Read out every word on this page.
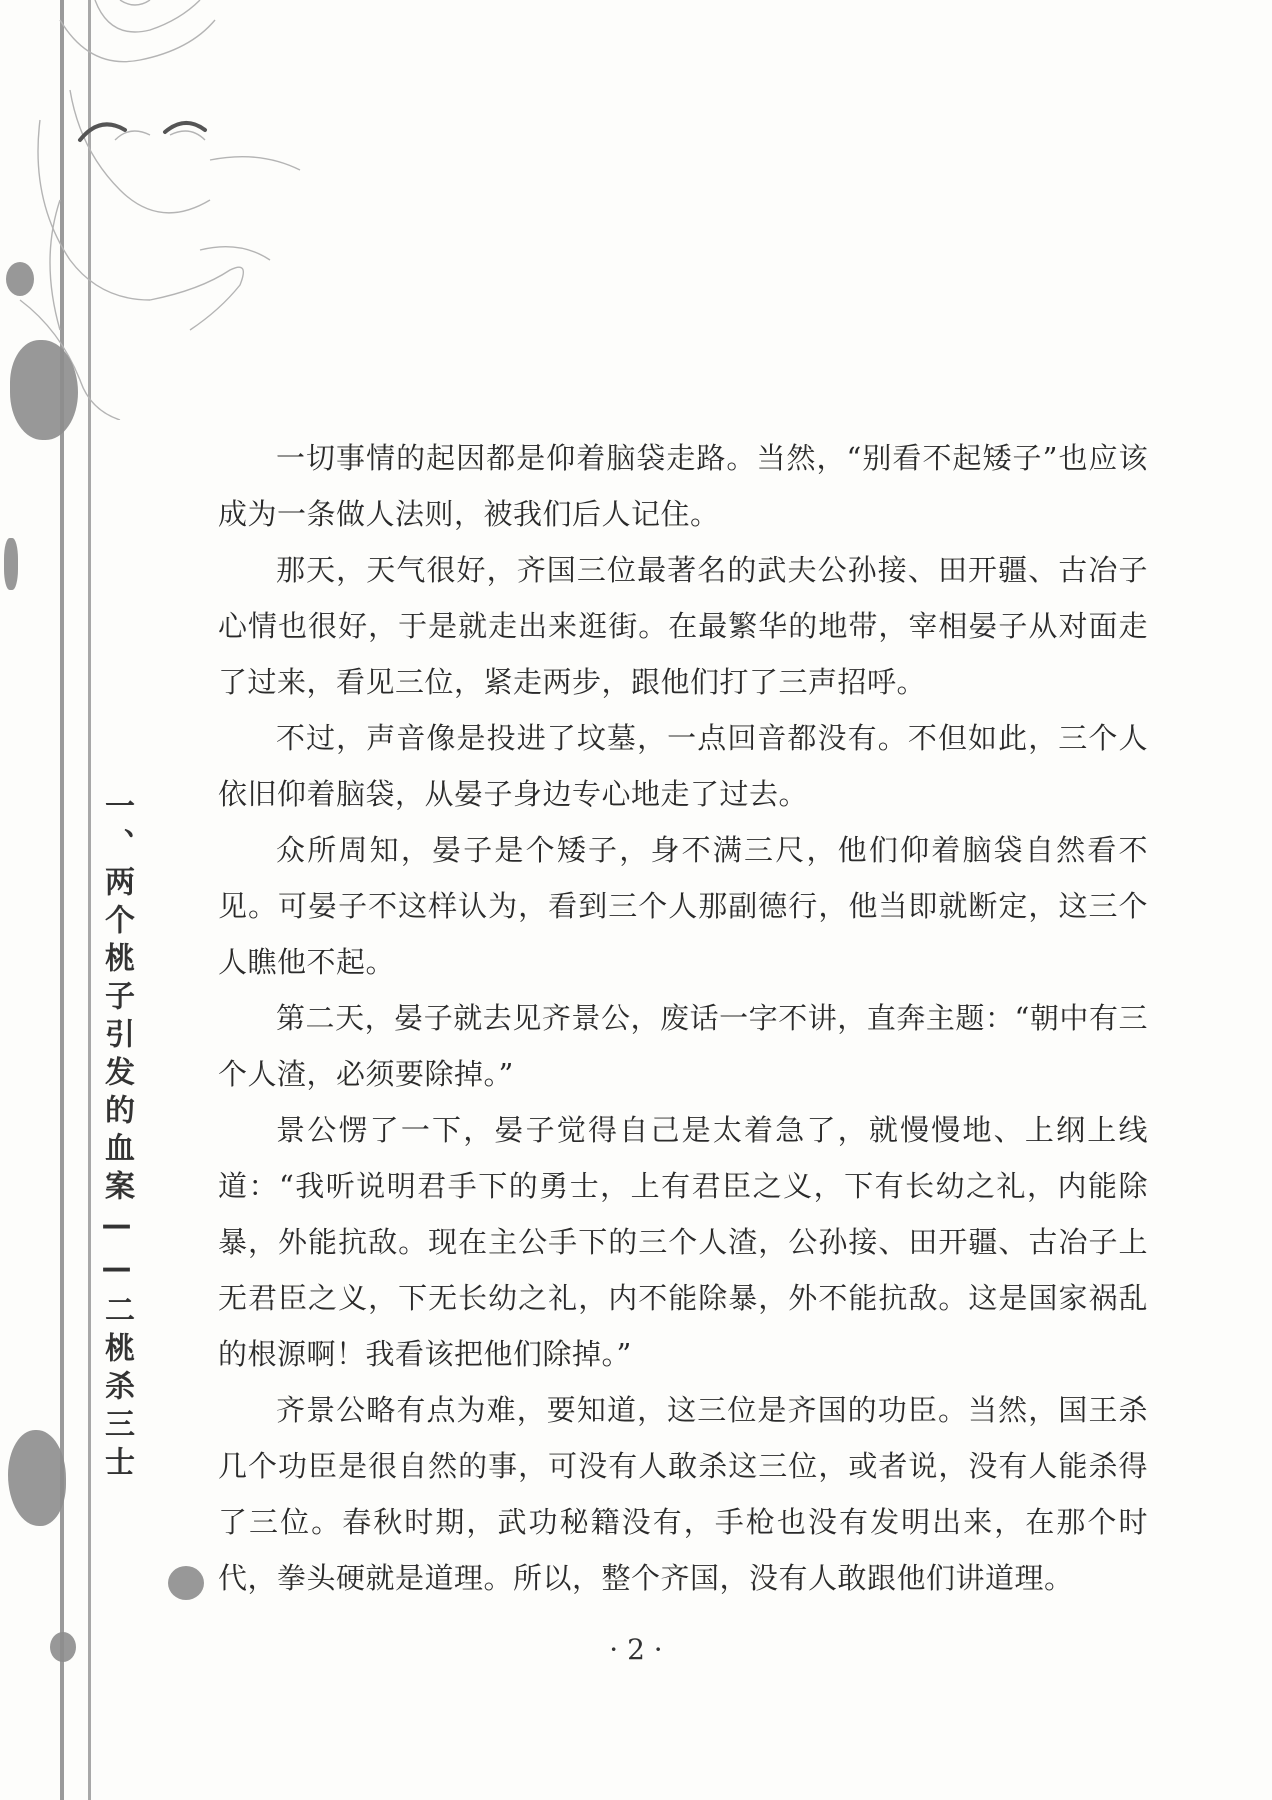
一、两个桃子引发的血案——二桃杀三士

一切事情的起因都是仰着脑袋走路。当然，“别看不起矮子”也应该成为一条做人法则，被我们后人记住。

那天，天气很好，齐国三位最著名的武夫公孙接、田开疆、古冶子心情也很好，于是就走出来逛街。在最繁华的地带，宰相晏子从对面走了过来，看见三位，紧走两步，跟他们打了三声招呼。

不过，声音像是投进了坟墓，一点回音都没有。不但如此，三个人依旧仰着脑袋，从晏子身边专心地走了过去。

众所周知，晏子是个矮子，身不满三尺，他们仰着脑袋自然看不见。可晏子不这样认为，看到三个人那副德行，他当即就断定，这三个人瞧他不起。

第二天，晏子就去见齐景公，废话一字不讲，直奔主题：“朝中有三个人渣，必须要除掉。”

景公愣了一下，晏子觉得自己是太着急了，就慢慢地、上纲上线道：“我听说明君手下的勇士，上有君臣之义，下有长幼之礼，内能除暴，外能抗敌。现在主公手下的三个人渣，公孙接、田开疆、古冶子上无君臣之义，下无长幼之礼，内不能除暴，外不能抗敌。这是国家祸乱的根源啊！我看该把他们除掉。”

齐景公略有点为难，要知道，这三位是齐国的功臣。当然，国王杀几个功臣是很自然的事，可没有人敢杀这三位，或者说，没有人能杀得了三位。春秋时期，武功秘籍没有，手枪也没有发明出来，在那个时代，拳头硬就是道理。所以，整个齐国，没有人敢跟他们讲道理。

· 2 ·
